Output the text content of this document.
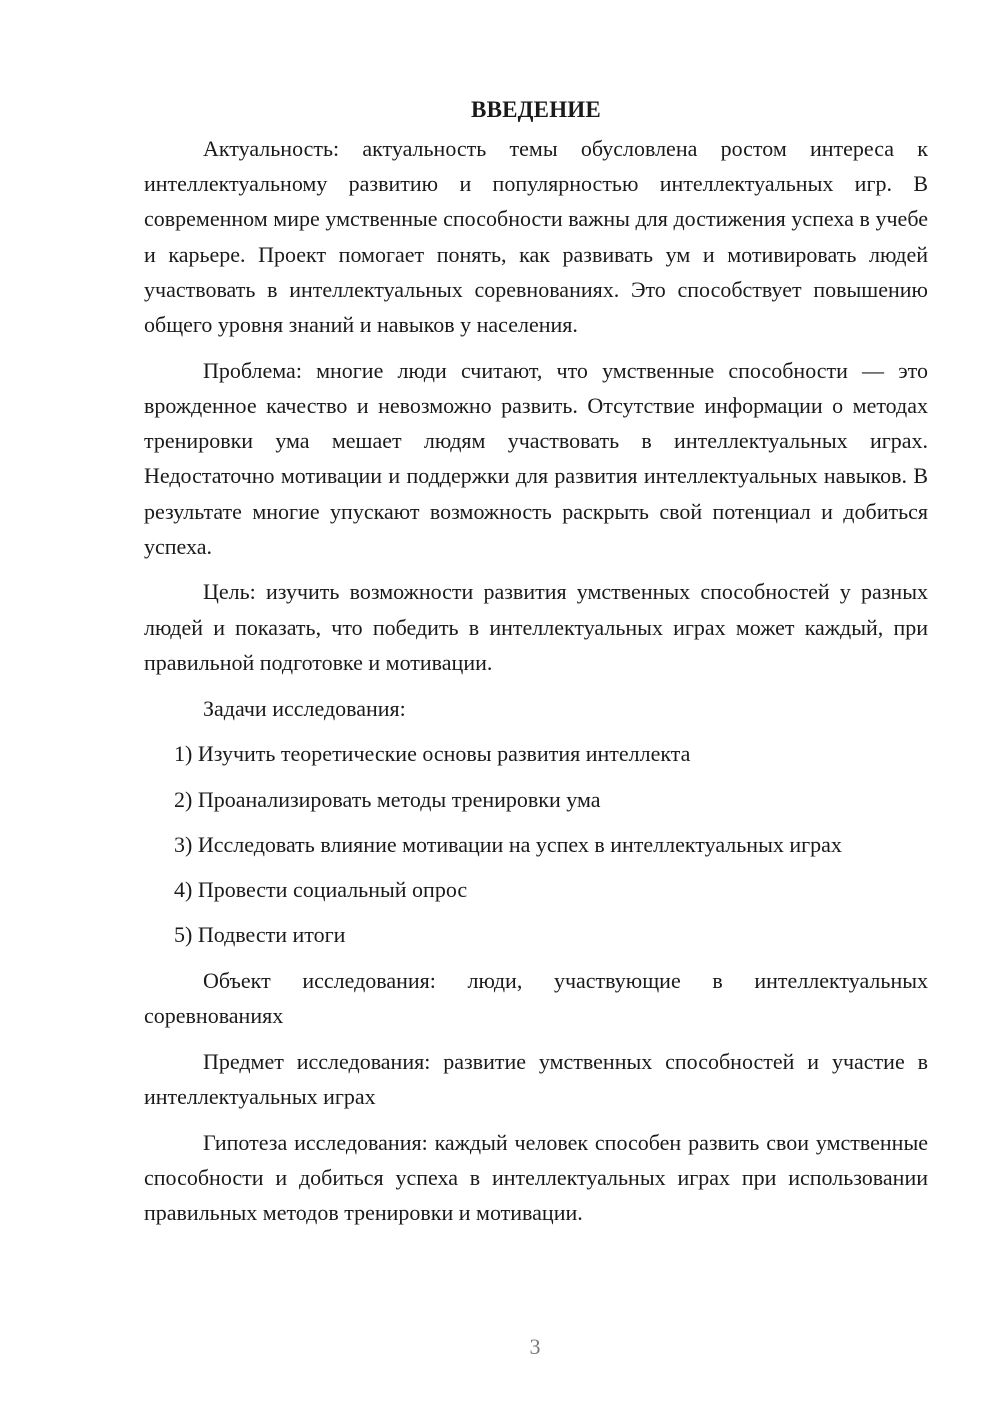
ВВЕДЕНИЕ

Актуальность: актуальность темы обусловлена ростом интереса к интеллектуальному развитию и популярностью интеллектуальных игр. В современном мире умственные способности важны для достижения успеха в учебе и карьере. Проект помогает понять, как развивать ум и мотивировать людей участвовать в интеллектуальных соревнованиях. Это способствует повышению общего уровня знаний и навыков у населения.

Проблема: многие люди считают, что умственные способности — это врожденное качество и невозможно развить. Отсутствие информации о методах тренировки ума мешает людям участвовать в интеллектуальных играх. Недостаточно мотивации и поддержки для развития интеллектуальных навыков. В результате многие упускают возможность раскрыть свой потенциал и добиться успеха.

Цель: изучить возможности развития умственных способностей у разных людей и показать, что победить в интеллектуальных играх может каждый, при правильной подготовке и мотивации.

Задачи исследования:

1) Изучить теоретические основы развития интеллекта
2) Проанализировать методы тренировки ума
3) Исследовать влияние мотивации на успех в интеллектуальных играх
4) Провести социальный опрос
5) Подвести итоги

Объект исследования: люди, участвующие в интеллектуальных соревнованиях

Предмет исследования: развитие умственных способностей и участие в интеллектуальных играх

Гипотеза исследования: каждый человек способен развить свои умственные способности и добиться успеха в интеллектуальных играх при использовании правильных методов тренировки и мотивации.

3
